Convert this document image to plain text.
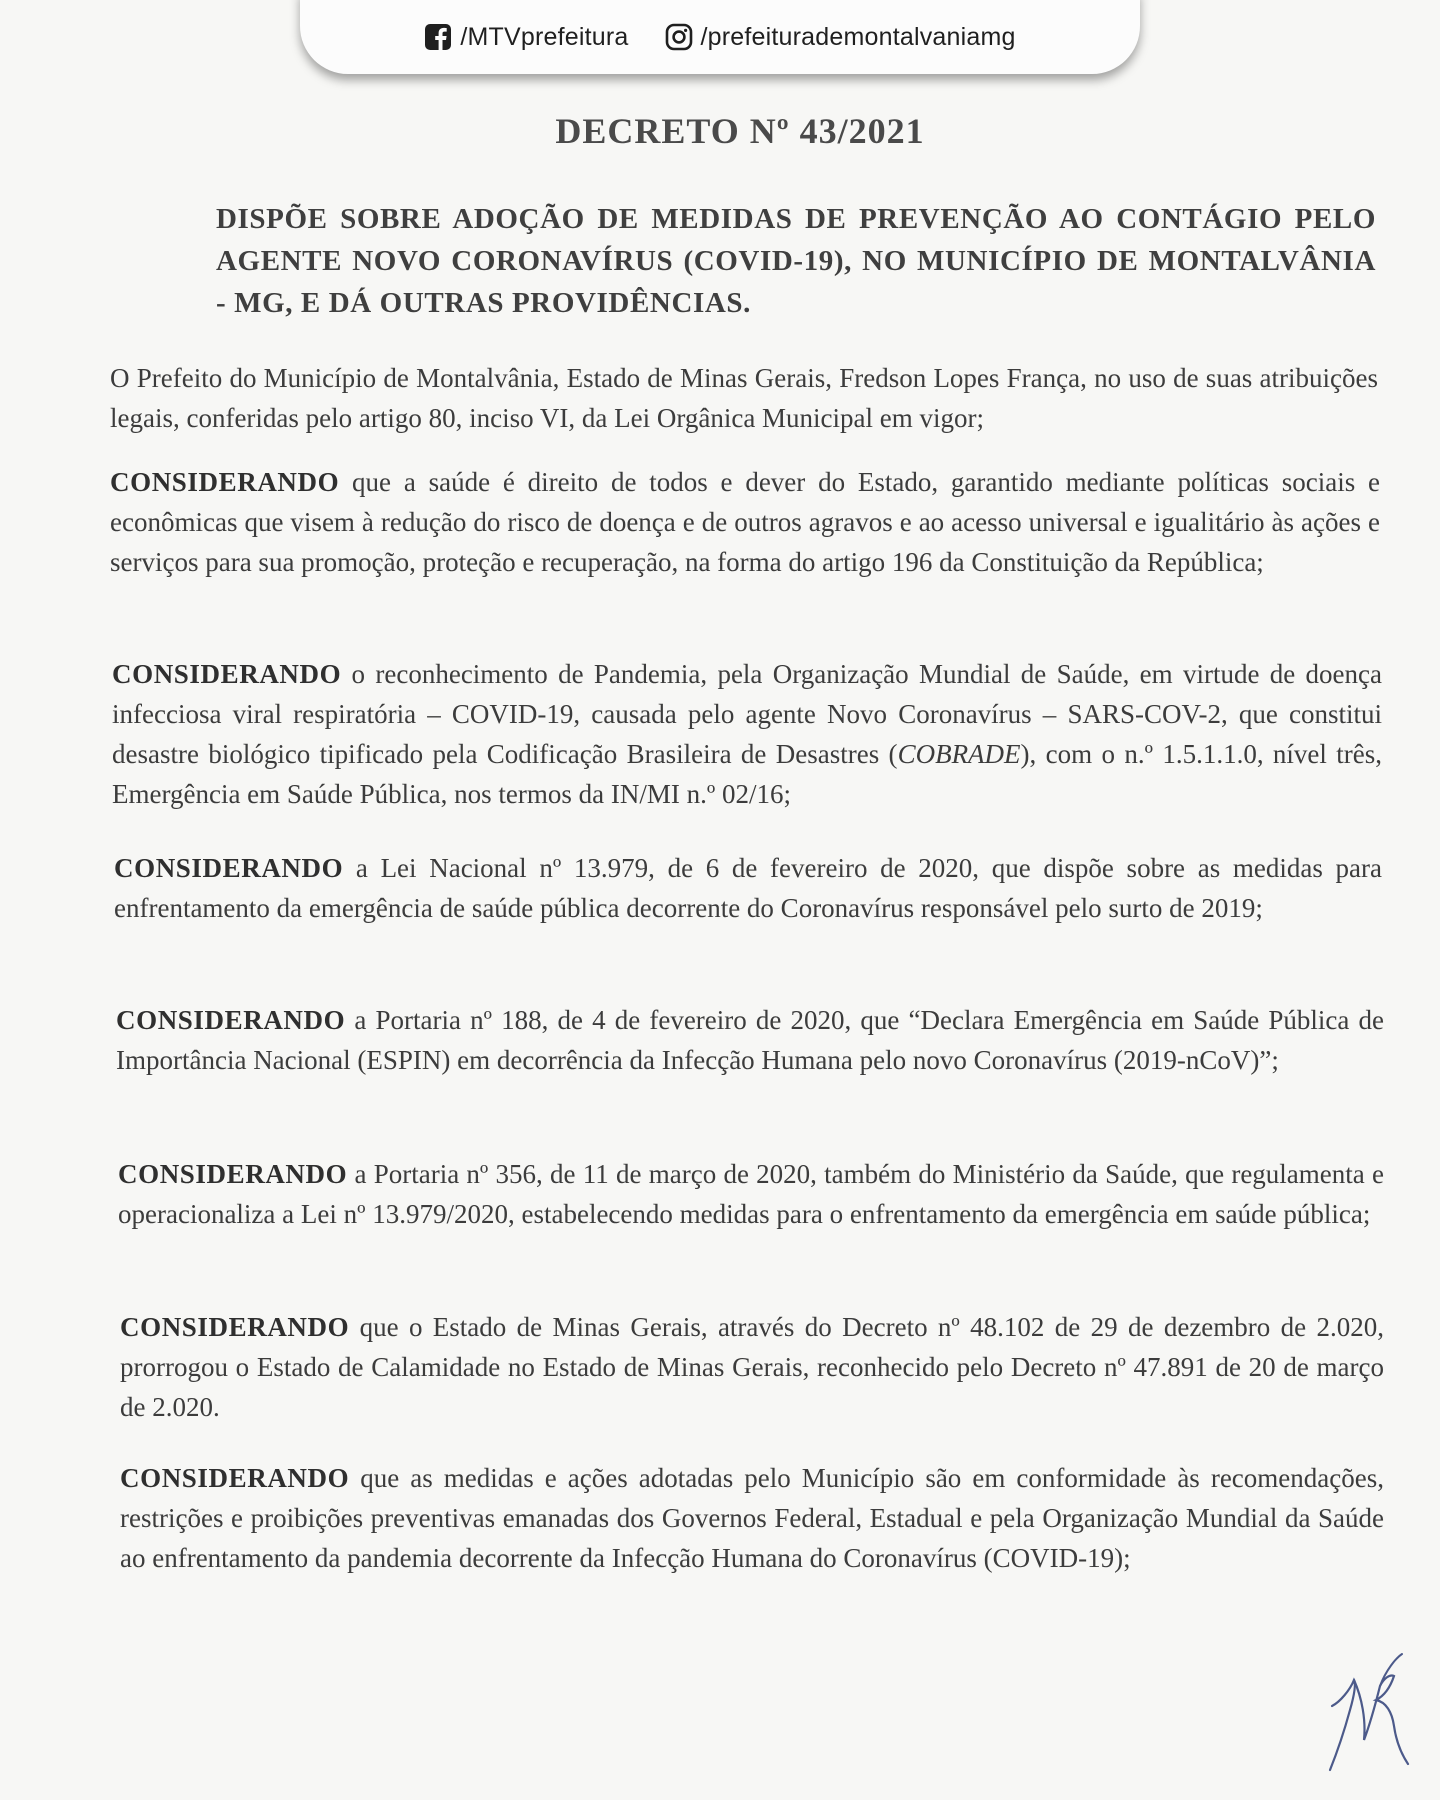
/MTVprefeitura	/prefeiturademontalvaniamg
DECRETO Nº 43/2021
DISPÕE SOBRE ADOÇÃO DE MEDIDAS DE PREVENÇÃO AO CONTÁGIO PELO AGENTE NOVO CORONAVÍRUS (COVID-19), NO MUNICÍPIO DE MONTALVÂNIA - MG, E DÁ OUTRAS PROVIDÊNCIAS.
O Prefeito do Município de Montalvânia, Estado de Minas Gerais, Fredson Lopes França, no uso de suas atribuições legais, conferidas pelo artigo 80, inciso VI, da Lei Orgânica Municipal em vigor;
CONSIDERANDO que a saúde é direito de todos e dever do Estado, garantido mediante políticas sociais e econômicas que visem à redução do risco de doença e de outros agravos e ao acesso universal e igualitário às ações e serviços para sua promoção, proteção e recuperação, na forma do artigo 196 da Constituição da República;
CONSIDERANDO o reconhecimento de Pandemia, pela Organização Mundial de Saúde, em virtude de doença infecciosa viral respiratória – COVID-19, causada pelo agente Novo Coronavírus – SARS-COV-2, que constitui desastre biológico tipificado pela Codificação Brasileira de Desastres (COBRADE), com o n.º 1.5.1.1.0, nível três, Emergência em Saúde Pública, nos termos da IN/MI n.º 02/16;
CONSIDERANDO a Lei Nacional nº 13.979, de 6 de fevereiro de 2020, que dispõe sobre as medidas para enfrentamento da emergência de saúde pública decorrente do Coronavírus responsável pelo surto de 2019;
CONSIDERANDO a Portaria nº 188, de 4 de fevereiro de 2020, que “Declara Emergência em Saúde Pública de Importância Nacional (ESPIN) em decorrência da Infecção Humana pelo novo Coronavírus (2019-nCoV)”;
CONSIDERANDO a Portaria nº 356, de 11 de março de 2020, também do Ministério da Saúde, que regulamenta e operacionaliza a Lei nº 13.979/2020, estabelecendo medidas para o enfrentamento da emergência em saúde pública;
CONSIDERANDO que o Estado de Minas Gerais, através do Decreto nº 48.102 de 29 de dezembro de 2.020, prorrogou o Estado de Calamidade no Estado de Minas Gerais, reconhecido pelo Decreto nº 47.891 de 20 de março de 2.020.
CONSIDERANDO que as medidas e ações adotadas pelo Município são em conformidade às recomendações, restrições e proibições preventivas emanadas dos Governos Federal, Estadual e pela Organização Mundial da Saúde ao enfrentamento da pandemia decorrente da Infecção Humana do Coronavírus (COVID-19);
